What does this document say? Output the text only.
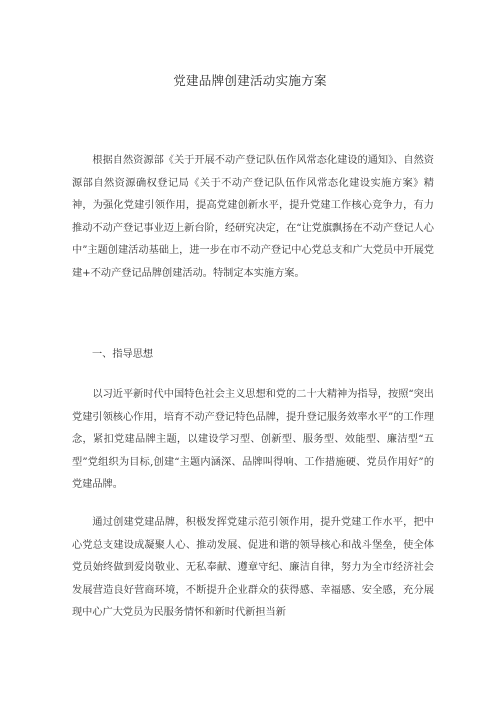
党建品牌创建活动实施方案

根据自然资源部《关于开展不动产登记队伍作风常态化建设的通知》、自然资源部自然资源确权登记局《关于不动产登记队伍作风常态化建设实施方案》精神，为强化党建引领作用，提高党建创新水平，提升党建工作核心竞争力，有力推动不动产登记事业迈上新台阶，经研究决定，在“让党旗飘扬在不动产登记人心中”主题创建活动基础上，进一步在市不动产登记中心党总支和广大党员中开展党建+不动产登记品牌创建活动。特制定本实施方案。

一、指导思想

以习近平新时代中国特色社会主义思想和党的二十大精神为指导，按照“突出党建引领核心作用，培育不动产登记特色品牌，提升登记服务效率水平”的工作理念，紧扣党建品牌主题，以建设学习型、创新型、服务型、效能型、廉洁型“五型”党组织为目标,创建“主题内涵深、品牌叫得响、工作措施硬、党员作用好”的党建品牌。

通过创建党建品牌，积极发挥党建示范引领作用，提升党建工作水平，把中心党总支建设成凝聚人心、推动发展、促进和谐的领导核心和战斗堡垒，使全体党员始终做到爱岗敬业、无私奉献、遵章守纪、廉洁自律，努力为全市经济社会发展营造良好营商环境，不断提升企业群众的获得感、幸福感、安全感，充分展现中心广大党员为民服务情怀和新时代新担当新
